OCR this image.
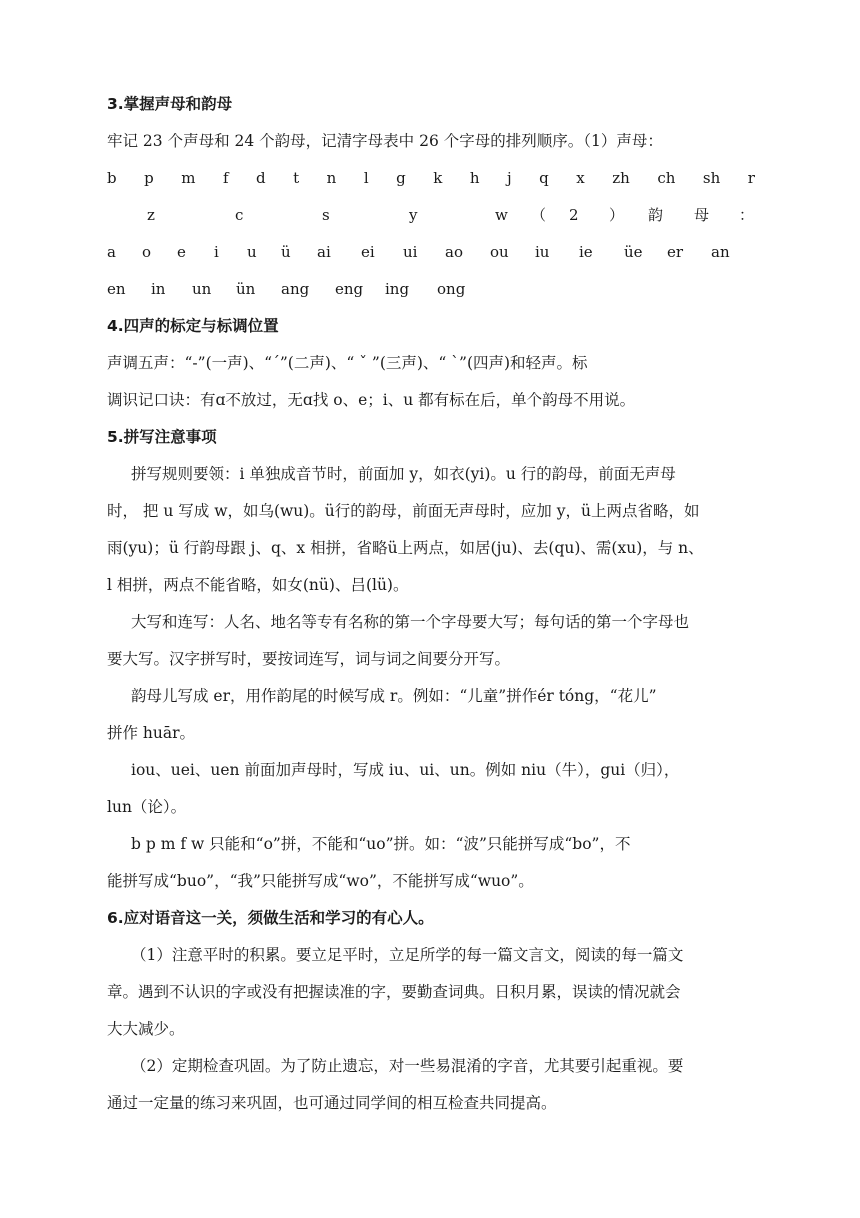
3.掌握声母和韵母
牢记 23 个声母和 24 个韵母，记清字母表中 26 个字母的排列顺序。（1）声母：
b p m f d t n l g k h j q x zh ch sh r
z	c	s	y	w （ 2 ） 韵 母 ：
a o e i u ü ai ei ui ao ou iu ie üe er an
en in un ün ang eng ing ong
4.四声的标定与标调位置
声调五声：“-”(一声)、“ˊ”(二声)、“ ˇ ”(三声)、“ ˋ”(四声)和轻声。标
调识记口诀：有ɑ不放过，无ɑ找 o、e；i、u 都有标在后，单个韵母不用说。
5.拼写注意事项
拼写规则要领：i 单独成音节时，前面加 y，如衣(yi)。u 行的韵母，前面无声母
时， 把 u 写成 w，如乌(wu)。ü行的韵母，前面无声母时，应加 y，ü上两点省略，如
雨(yu)；ü 行韵母跟 j、q、x 相拼，省略ü上两点，如居(ju)、去(qu)、需(xu)，与 n、
l 相拼，两点不能省略，如女(nü)、吕(lü)。
大写和连写：人名、地名等专有名称的第一个字母要大写；每句话的第一个字母也
要大写。汉字拼写时，要按词连写，词与词之间要分开写。
韵母儿写成 er，用作韵尾的时候写成 r。例如：“儿童”拼作ér tóng，“花儿”
拼作 huār。
iou、uei、uen 前面加声母时，写成 iu、ui、un。例如 niu（牛），gui（归），
lun（论）。
b p m f w 只能和“o”拼，不能和“uo”拼。如：“波”只能拼写成“bo”，不
能拼写成“buo”，“我”只能拼写成“wo”，不能拼写成“wuo”。
6.应对语音这一关，须做生活和学习的有心人。
（1）注意平时的积累。要立足平时，立足所学的每一篇文言文，阅读的每一篇文
章。遇到不认识的字或没有把握读准的字，要勤查词典。日积月累，误读的情况就会
大大减少。
（2）定期检查巩固。为了防止遗忘，对一些易混淆的字音，尤其要引起重视。要
通过一定量的练习来巩固，也可通过同学间的相互检查共同提高。
